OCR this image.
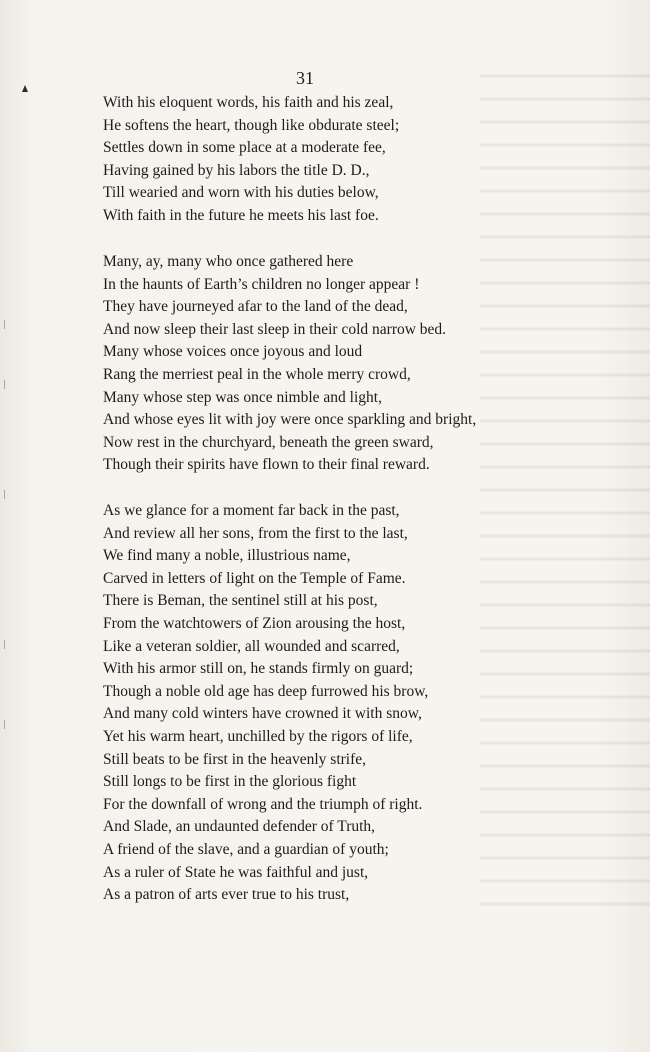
31
With his eloquent words, his faith and his zeal,
He softens the heart, though like obdurate steel;
Settles down in some place at a moderate fee,
Having gained by his labors the title D. D.,
Till wearied and worn with his duties below,
With faith in the future he meets his last foe.
Many, ay, many who once gathered here
In the haunts of Earth’s children no longer appear !
They have journeyed afar to the land of the dead,
And now sleep their last sleep in their cold narrow bed.
Many whose voices once joyous and loud
Rang the merriest peal in the whole merry crowd,
Many whose step was once nimble and light,
And whose eyes lit with joy were once sparkling and bright,
Now rest in the churchyard, beneath the green sward,
Though their spirits have flown to their final reward.
As we glance for a moment far back in the past,
And review all her sons, from the first to the last,
We find many a noble, illustrious name,
Carved in letters of light on the Temple of Fame.
There is Beman, the sentinel still at his post,
From the watchtowers of Zion arousing the host,
Like a veteran soldier, all wounded and scarred,
With his armor still on, he stands firmly on guard;
Though a noble old age has deep furrowed his brow,
And many cold winters have crowned it with snow,
Yet his warm heart, unchilled by the rigors of life,
Still beats to be first in the heavenly strife,
Still longs to be first in the glorious fight
For the downfall of wrong and the triumph of right.
And Slade, an undaunted defender of Truth,
A friend of the slave, and a guardian of youth;
As a ruler of State he was faithful and just,
As a patron of arts ever true to his trust,
